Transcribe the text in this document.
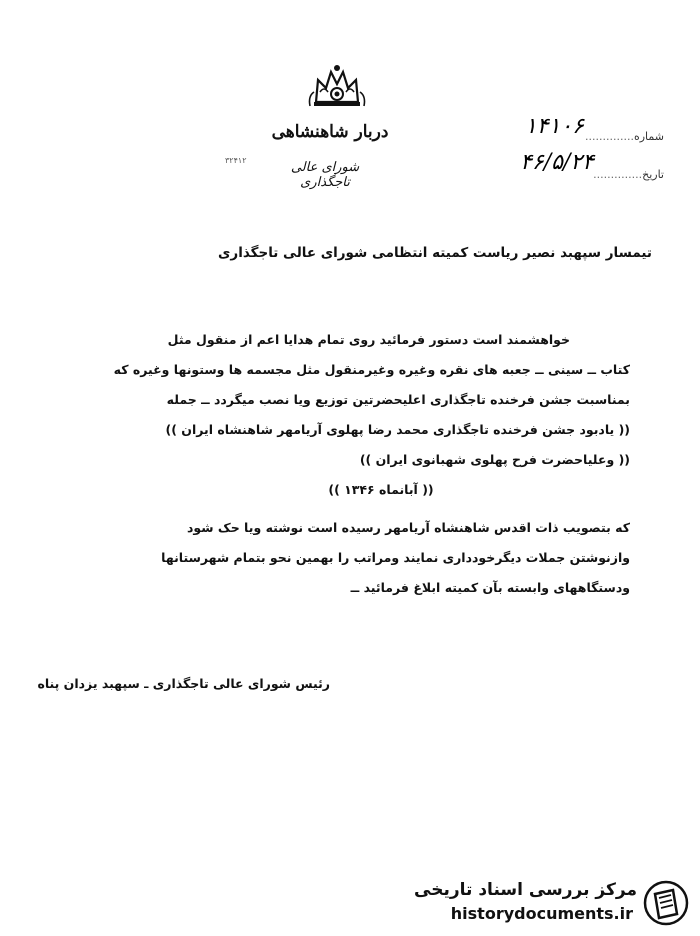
دربار شاهنشاهی
شورای عالی تاجگذاری
۳۲۴۱۲
شماره..............
۱۴۱۰۶
تاریخ..............
۴۶/۵/۲۴
تیمسار سپهبد نصیر ریاست کمیته انتظامی شورای عالی تاجگذاری
خواهشمند است دستور فرمائید روی تمام هدایا اعم از منقول مثل
کتاب ــ سینی ــ جعبه های نقره وغیره وغیرمنقول مثل مجسمه ها وستونها وغیره که
بمناسبت جشن فرخنده تاجگذاری اعلیحضرتین توزیع ویا نصب میگردد ــ جمله
(( یادبود جشن فرخنده تاجگذاری محمد رضا پهلوی آریامهر شاهنشاه ایران ))
(( وعلیاحضرت فرح پهلوی شهبانوی ایران ))
(( آبانماه ۱۳۴۶ ))
که بتصویب ذات اقدس شاهنشاه آریامهر رسیده است نوشته ویا حک شود
وازنوشتن جملات دیگرخودداری نمایند ومراتب را بهمین نحو بتمام شهرستانها
ودستگاههای وابسته بآن کمیته ابلاغ فرمائید ــ
رئیس شورای عالی تاجگذاری ـ سپهبد یزدان پناه
مرکز بررسی اسناد تاریخی
historydocuments.ir
